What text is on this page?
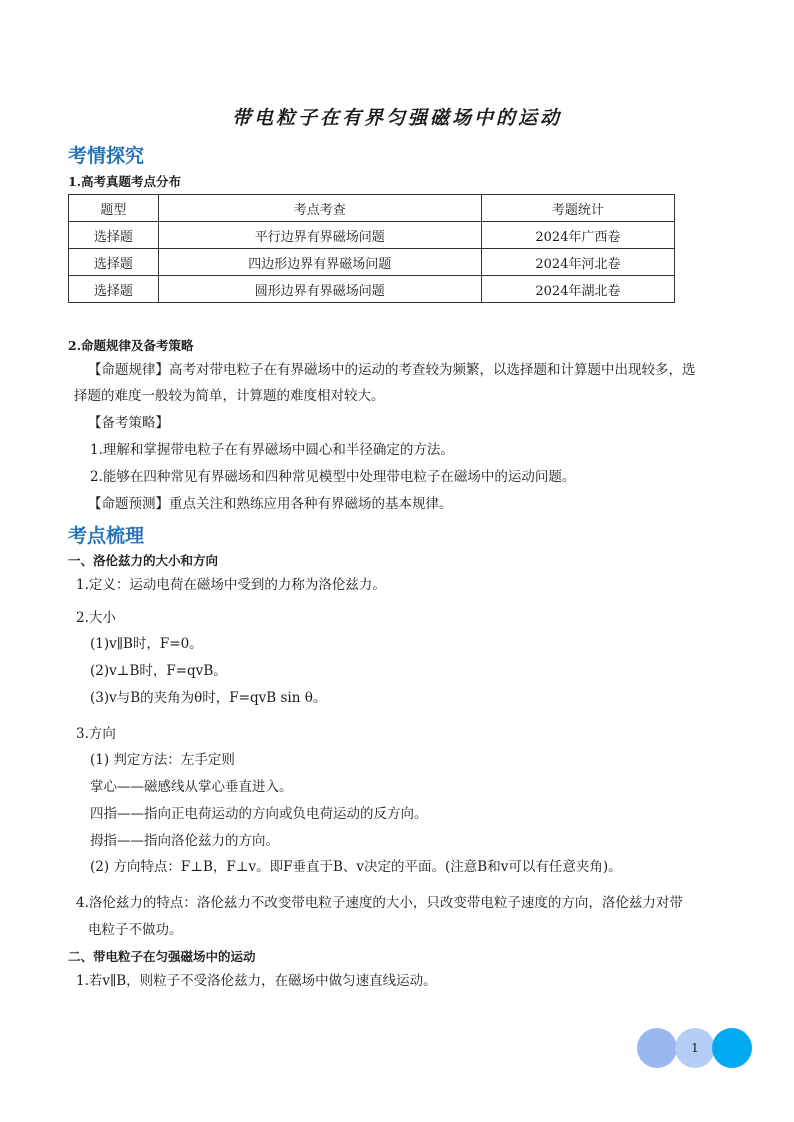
带电粒子在有界匀强磁场中的运动
考情探究
1.高考真题考点分布
题型	考点考查	考题统计
选择题	平行边界有界磁场问题	2024年广西卷
选择题	四边形边界有界磁场问题	2024年河北卷
选择题	圆形边界有界磁场问题	2024年湖北卷
2.命题规律及备考策略
【命题规律】高考对带电粒子在有界磁场中的运动的考查较为频繁，以选择题和计算题中出现较多，选
择题的难度一般较为简单，计算题的难度相对较大。
【备考策略】
1.理解和掌握带电粒子在有界磁场中圆心和半径确定的方法。
2.能够在四种常见有界磁场和四种常见模型中处理带电粒子在磁场中的运动问题。
【命题预测】重点关注和熟练应用各种有界磁场的基本规律。
考点梳理
一、洛伦兹力的大小和方向
1.定义：运动电荷在磁场中受到的力称为洛伦兹力。
2.大小
(1)v∥B时，F=0。
(2)v⊥B时，F=qvB。
(3)v与B的夹角为θ时，F=qvB sin θ。
3.方向
(1) 判定方法：左手定则
掌心——磁感线从掌心垂直进入。
四指——指向正电荷运动的方向或负电荷运动的反方向。
拇指——指向洛伦兹力的方向。
(2) 方向特点：F⊥B，F⊥v。即F垂直于B、v决定的平面。(注意B和v可以有任意夹角)。
4.洛伦兹力的特点：洛伦兹力不改变带电粒子速度的大小，只改变带电粒子速度的方向，洛伦兹力对带
电粒子不做功。
二、带电粒子在匀强磁场中的运动
1.若v∥B，则粒子不受洛伦兹力，在磁场中做匀速直线运动。
1
